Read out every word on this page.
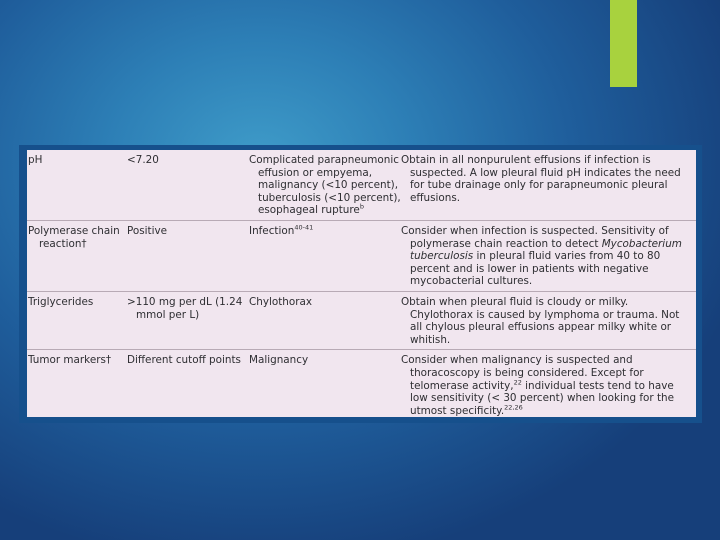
pH	<7.20	Complicated parapneumonic effusion or empyema, malignancy (<10 percent), tuberculosis (<10 percent), esophageal rupture$^b$	Obtain in all nonpurulent effusions if infection is suspected. A low pleural fluid pH indicates the need for tube drainage only for parapneumonic pleural effusions.

Polymerase chain reaction†	Positive	Infection$^{40-41}$	Consider when infection is suspected. Sensitivity of polymerase chain reaction to detect Mycobacterium tuberculosis in pleural fluid varies from 40 to 80 percent and is lower in patients with negative mycobacterial cultures.

Triglycerides	>110 mg per dL (1.24 mmol per L)	Chylothorax	Obtain when pleural fluid is cloudy or milky. Chylothorax is caused by lymphoma or trauma. Not all chylous pleural effusions appear milky white or whitish.

Tumor markers†	Different cutoff points	Malignancy	Consider when malignancy is suspected and thoracoscopy is being considered. Except for telomerase activity,$^{22}$ individual tests tend to have low sensitivity (< 30 percent) when looking for the utmost specificity.$^{22,26}$
